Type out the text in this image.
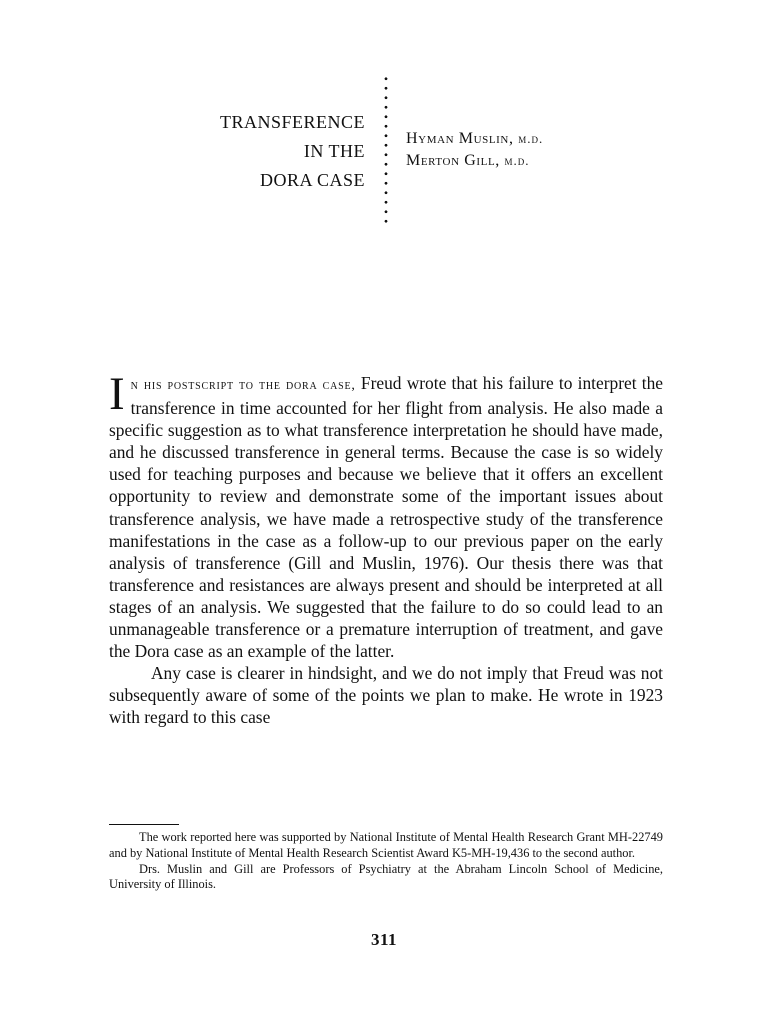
TRANSFERENCE
IN THE
DORA CASE
Hyman Muslin, m.d.
Merton Gill, m.d.

In his postscript to the dora case, Freud wrote that his failure to interpret the transference in time accounted for her flight from analysis. He also made a specific suggestion as to what transference interpretation he should have made, and he discussed transference in general terms. Because the case is so widely used for teaching purposes and because we believe that it offers an excellent opportunity to review and demonstrate some of the important issues about transference analysis, we have made a retrospective study of the transference manifestations in the case as a follow-up to our previous paper on the early analysis of transference (Gill and Muslin, 1976). Our thesis there was that transference and resistances are always present and should be interpreted at all stages of an analysis. We suggested that the failure to do so could lead to an unmanageable transference or a premature interruption of treatment, and gave the Dora case as an example of the latter.

Any case is clearer in hindsight, and we do not imply that Freud was not subsequently aware of some of the points we plan to make. He wrote in 1923 with regard to this case

The work reported here was supported by National Institute of Mental Health Research Grant MH-22749 and by National Institute of Mental Health Research Scientist Award K5-MH-19,436 to the second author.

Drs. Muslin and Gill are Professors of Psychiatry at the Abraham Lincoln School of Medicine, University of Illinois.

311
